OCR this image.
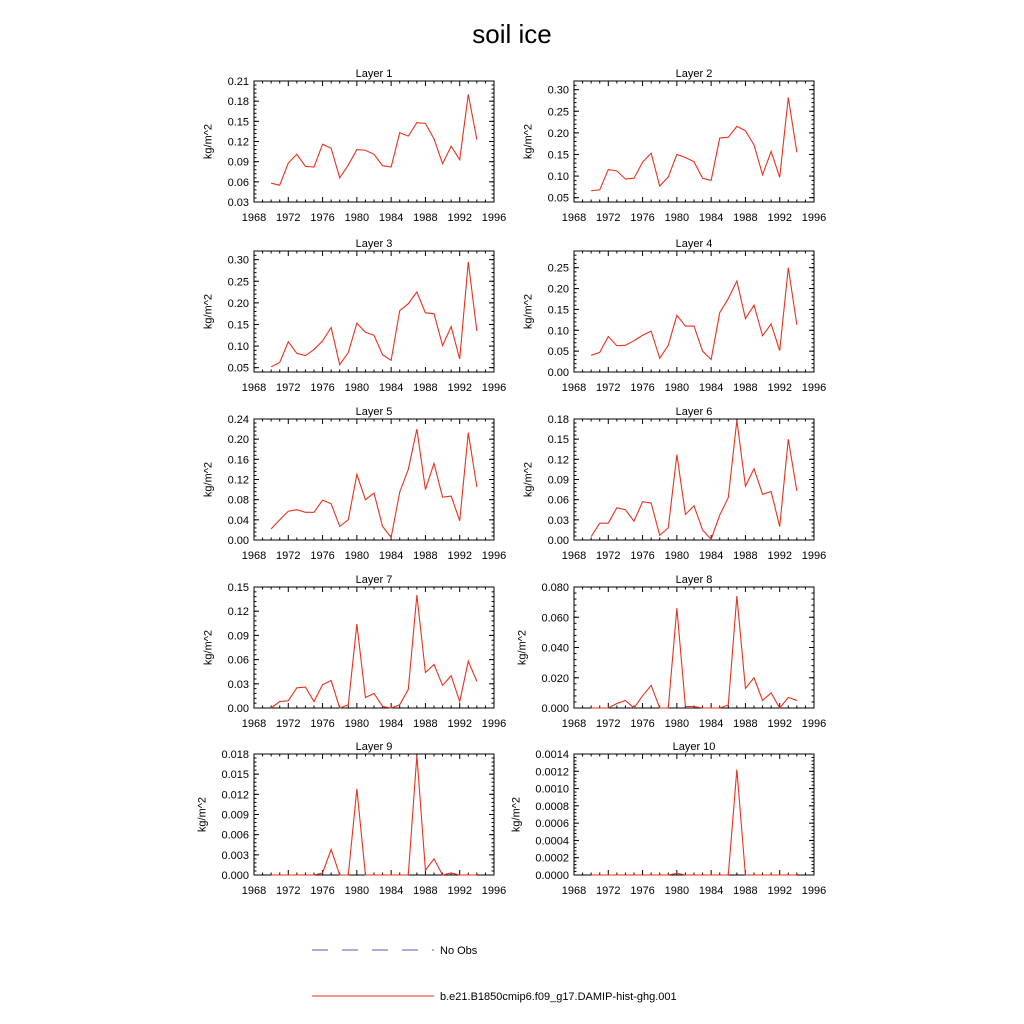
soil ice
Layer 1
1968 1972 1976 1980 1984 1988 1992 1996
0.03
0.06
0.09
0.12
0.15
0.18
0.21
kg/m^2
Layer 2
1968 1972 1976 1980 1984 1988 1992 1996
0.05
0.10
0.15
0.20
0.25
0.30
kg/m^2
Layer 3
1968 1972 1976 1980 1984 1988 1992 1996
0.05
0.10
0.15
0.20
0.25
0.30
kg/m^2
Layer 4
1968 1972 1976 1980 1984 1988 1992 1996
0.00
0.05
0.10
0.15
0.20
0.25
kg/m^2
Layer 5
1968 1972 1976 1980 1984 1988 1992 1996
0.00
0.04
0.08
0.12
0.16
0.20
0.24
kg/m^2
Layer 6
1968 1972 1976 1980 1984 1988 1992 1996
0.00
0.03
0.06
0.09
0.12
0.15
0.18
kg/m^2
Layer 7
1968 1972 1976 1980 1984 1988 1992 1996
0.00
0.03
0.06
0.09
0.12
0.15
kg/m^2
Layer 8
1968 1972 1976 1980 1984 1988 1992 1996
0.000
0.020
0.040
0.060
0.080
kg/m^2
Layer 9
1968 1972 1976 1980 1984 1988 1992 1996
0.000
0.003
0.006
0.009
0.012
0.015
0.018
kg/m^2
Layer 10
1968 1972 1976 1980 1984 1988 1992 1996
0.0000
0.0002
0.0004
0.0006
0.0008
0.0010
0.0012
0.0014
kg/m^2
No Obs
b.e21.B1850cmip6.f09_g17.DAMIP-hist-ghg.001
